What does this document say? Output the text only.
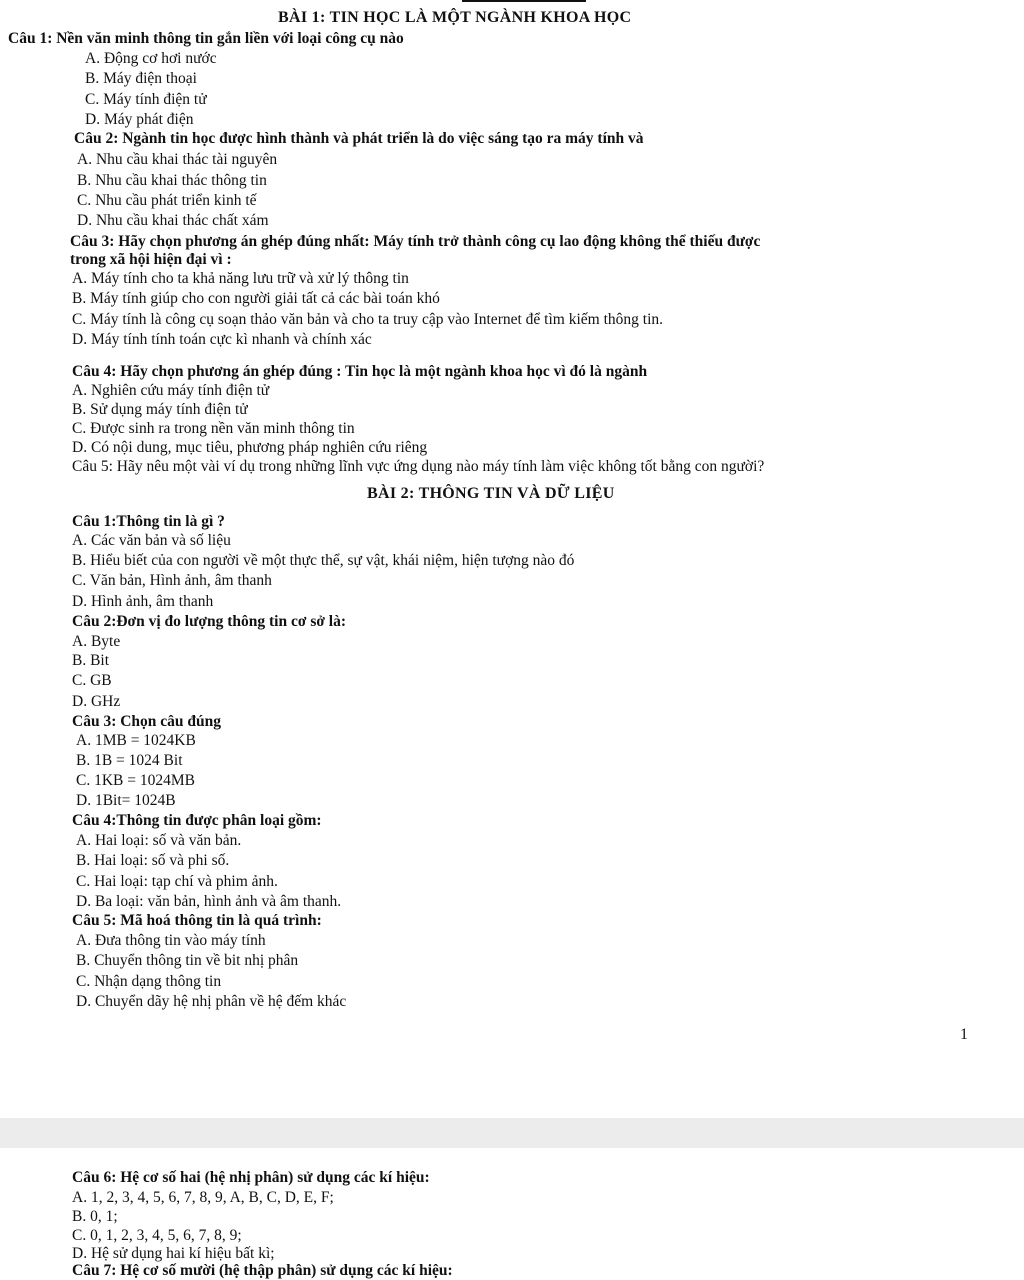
BÀI 1: TIN HỌC LÀ MỘT NGÀNH KHOA HỌC
Câu 1: Nền văn minh thông tin gắn liền với loại công cụ nào
A. Động cơ hơi nước
B. Máy điện thoại
C. Máy tính điện tử
D. Máy phát điện
Câu 2: Ngành tin học được hình thành và phát triển là do việc sáng tạo ra máy tính và
A. Nhu cầu khai thác tài nguyên
B. Nhu cầu khai thác thông tin
C. Nhu cầu phát triển kinh tế
D. Nhu cầu khai thác chất xám
Câu 3: Hãy chọn phương án ghép đúng nhất: Máy tính trở thành công cụ lao động không thể thiếu được
trong xã hội hiện đại vì :
A. Máy tính cho ta khả năng lưu trữ và xử lý thông tin
B. Máy tính giúp cho con người giải tất cả các bài toán khó
C. Máy tính là công cụ soạn thảo văn bản và cho ta truy cập vào Internet để tìm kiếm thông tin.
D. Máy tính tính toán cực kì nhanh và chính xác
Câu 4: Hãy chọn phương án ghép đúng : Tin học là một ngành khoa học vì đó là ngành
A. Nghiên cứu máy tính điện tử
B. Sử dụng máy tính điện tử
C. Được sinh ra trong nền văn minh thông tin
D. Có nội dung, mục tiêu, phương pháp nghiên cứu riêng
Câu 5: Hãy nêu một vài ví dụ trong những lĩnh vực ứng dụng nào máy tính làm việc không tốt bằng con người?
BÀI 2: THÔNG TIN VÀ DỮ LIỆU
Câu 1:Thông tin là gì ?
A. Các văn bản và số liệu
B. Hiểu biết của con người về một thực thể, sự vật, khái niệm, hiện tượng nào đó
C. Văn bản, Hình ảnh, âm thanh
D. Hình ảnh, âm thanh
Câu 2:Đơn vị đo lượng thông tin cơ sở là:
A. Byte
B. Bit
C. GB
D. GHz
Câu 3: Chọn câu đúng
A. 1MB = 1024KB
B. 1B = 1024 Bit
C. 1KB = 1024MB
D. 1Bit= 1024B
Câu 4:Thông tin được phân loại gồm:
A. Hai loại: số và văn bản.
B. Hai loại: số và phi số.
C. Hai loại: tạp chí và phim ảnh.
D. Ba loại: văn bản, hình ảnh và âm thanh.
Câu 5: Mã hoá thông tin là quá trình:
A. Đưa thông tin vào máy tính
B. Chuyển thông tin về bit nhị phân
C. Nhận dạng thông tin
D. Chuyển dãy hệ nhị phân về hệ đếm khác
1
Câu 6: Hệ cơ số hai (hệ nhị phân) sử dụng các kí hiệu:
A. 1, 2, 3, 4, 5, 6, 7, 8, 9, A, B, C, D, E, F;
B. 0, 1;
C. 0, 1, 2, 3, 4, 5, 6, 7, 8, 9;
D. Hệ sử dụng hai kí hiệu bất kì;
Câu 7: Hệ cơ số mười (hệ thập phân) sử dụng các kí hiệu:
